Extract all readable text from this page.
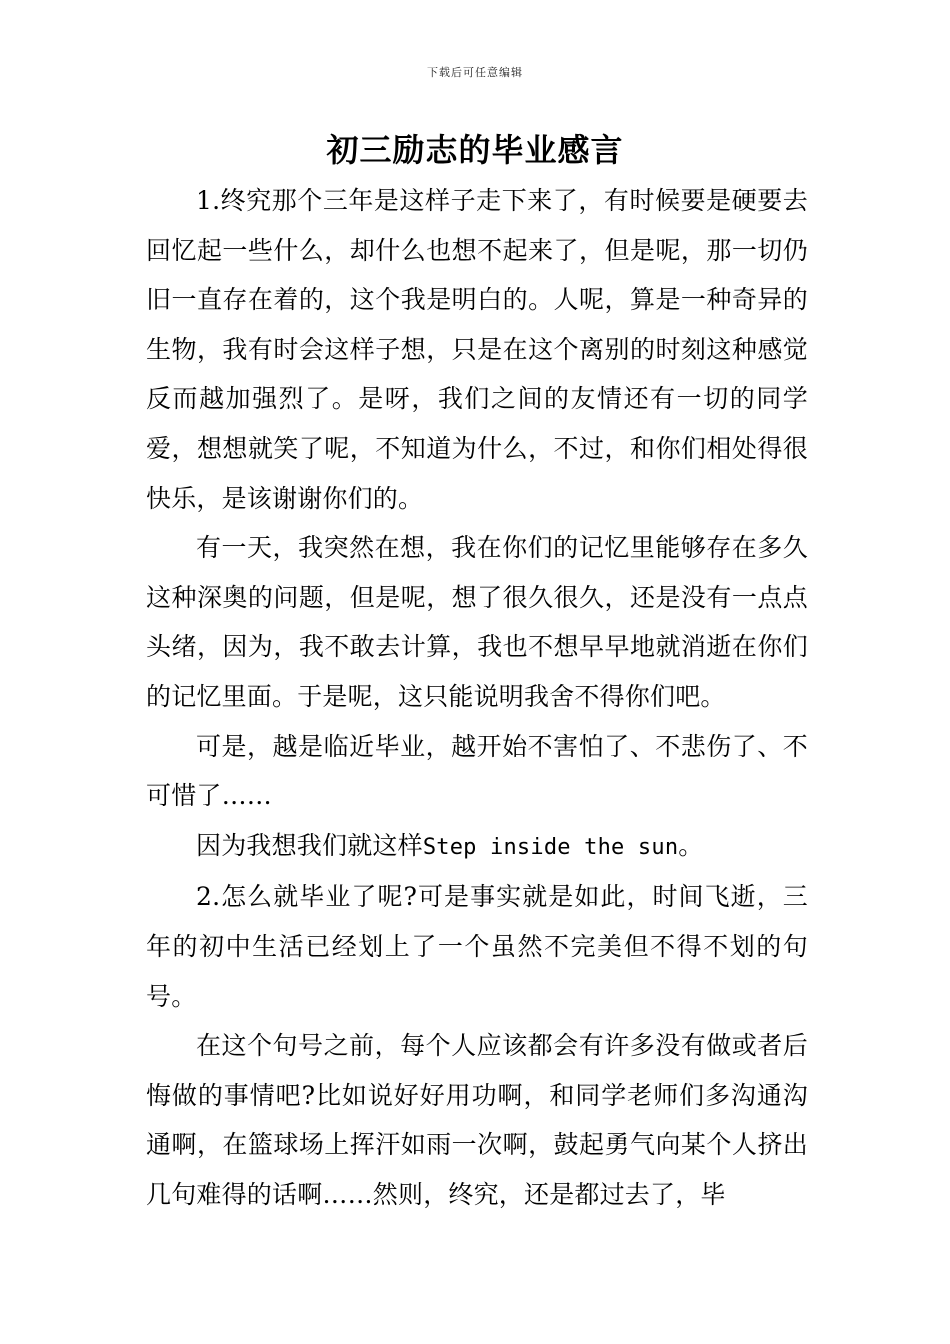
下载后可任意编辑
初三励志的毕业感言

1.终究那个三年是这样子走下来了，有时候要是硬要去回忆起一些什么，却什么也想不起来了，但是呢，那一切仍旧一直存在着的，这个我是明白的。人呢，算是一种奇异的生物，我有时会这样子想，只是在这个离别的时刻这种感觉反而越加强烈了。是呀，我们之间的友情还有一切的同学爱，想想就笑了呢，不知道为什么，不过，和你们相处得很快乐，是该谢谢你们的。

有一天，我突然在想，我在你们的记忆里能够存在多久这种深奥的问题，但是呢，想了很久很久，还是没有一点点头绪，因为，我不敢去计算，我也不想早早地就消逝在你们的记忆里面。于是呢，这只能说明我舍不得你们吧。

可是，越是临近毕业，越开始不害怕了、不悲伤了、不可惜了……

因为我想我们就这样Step inside the sun。

2.怎么就毕业了呢?可是事实就是如此，时间飞逝，三年的初中生活已经划上了一个虽然不完美但不得不划的句号。

在这个句号之前，每个人应该都会有许多没有做或者后悔做的事情吧?比如说好好用功啊，和同学老师们多沟通沟通啊，在篮球场上挥汗如雨一次啊，鼓起勇气向某个人挤出几句难得的话啊……然则，终究，还是都过去了，毕
